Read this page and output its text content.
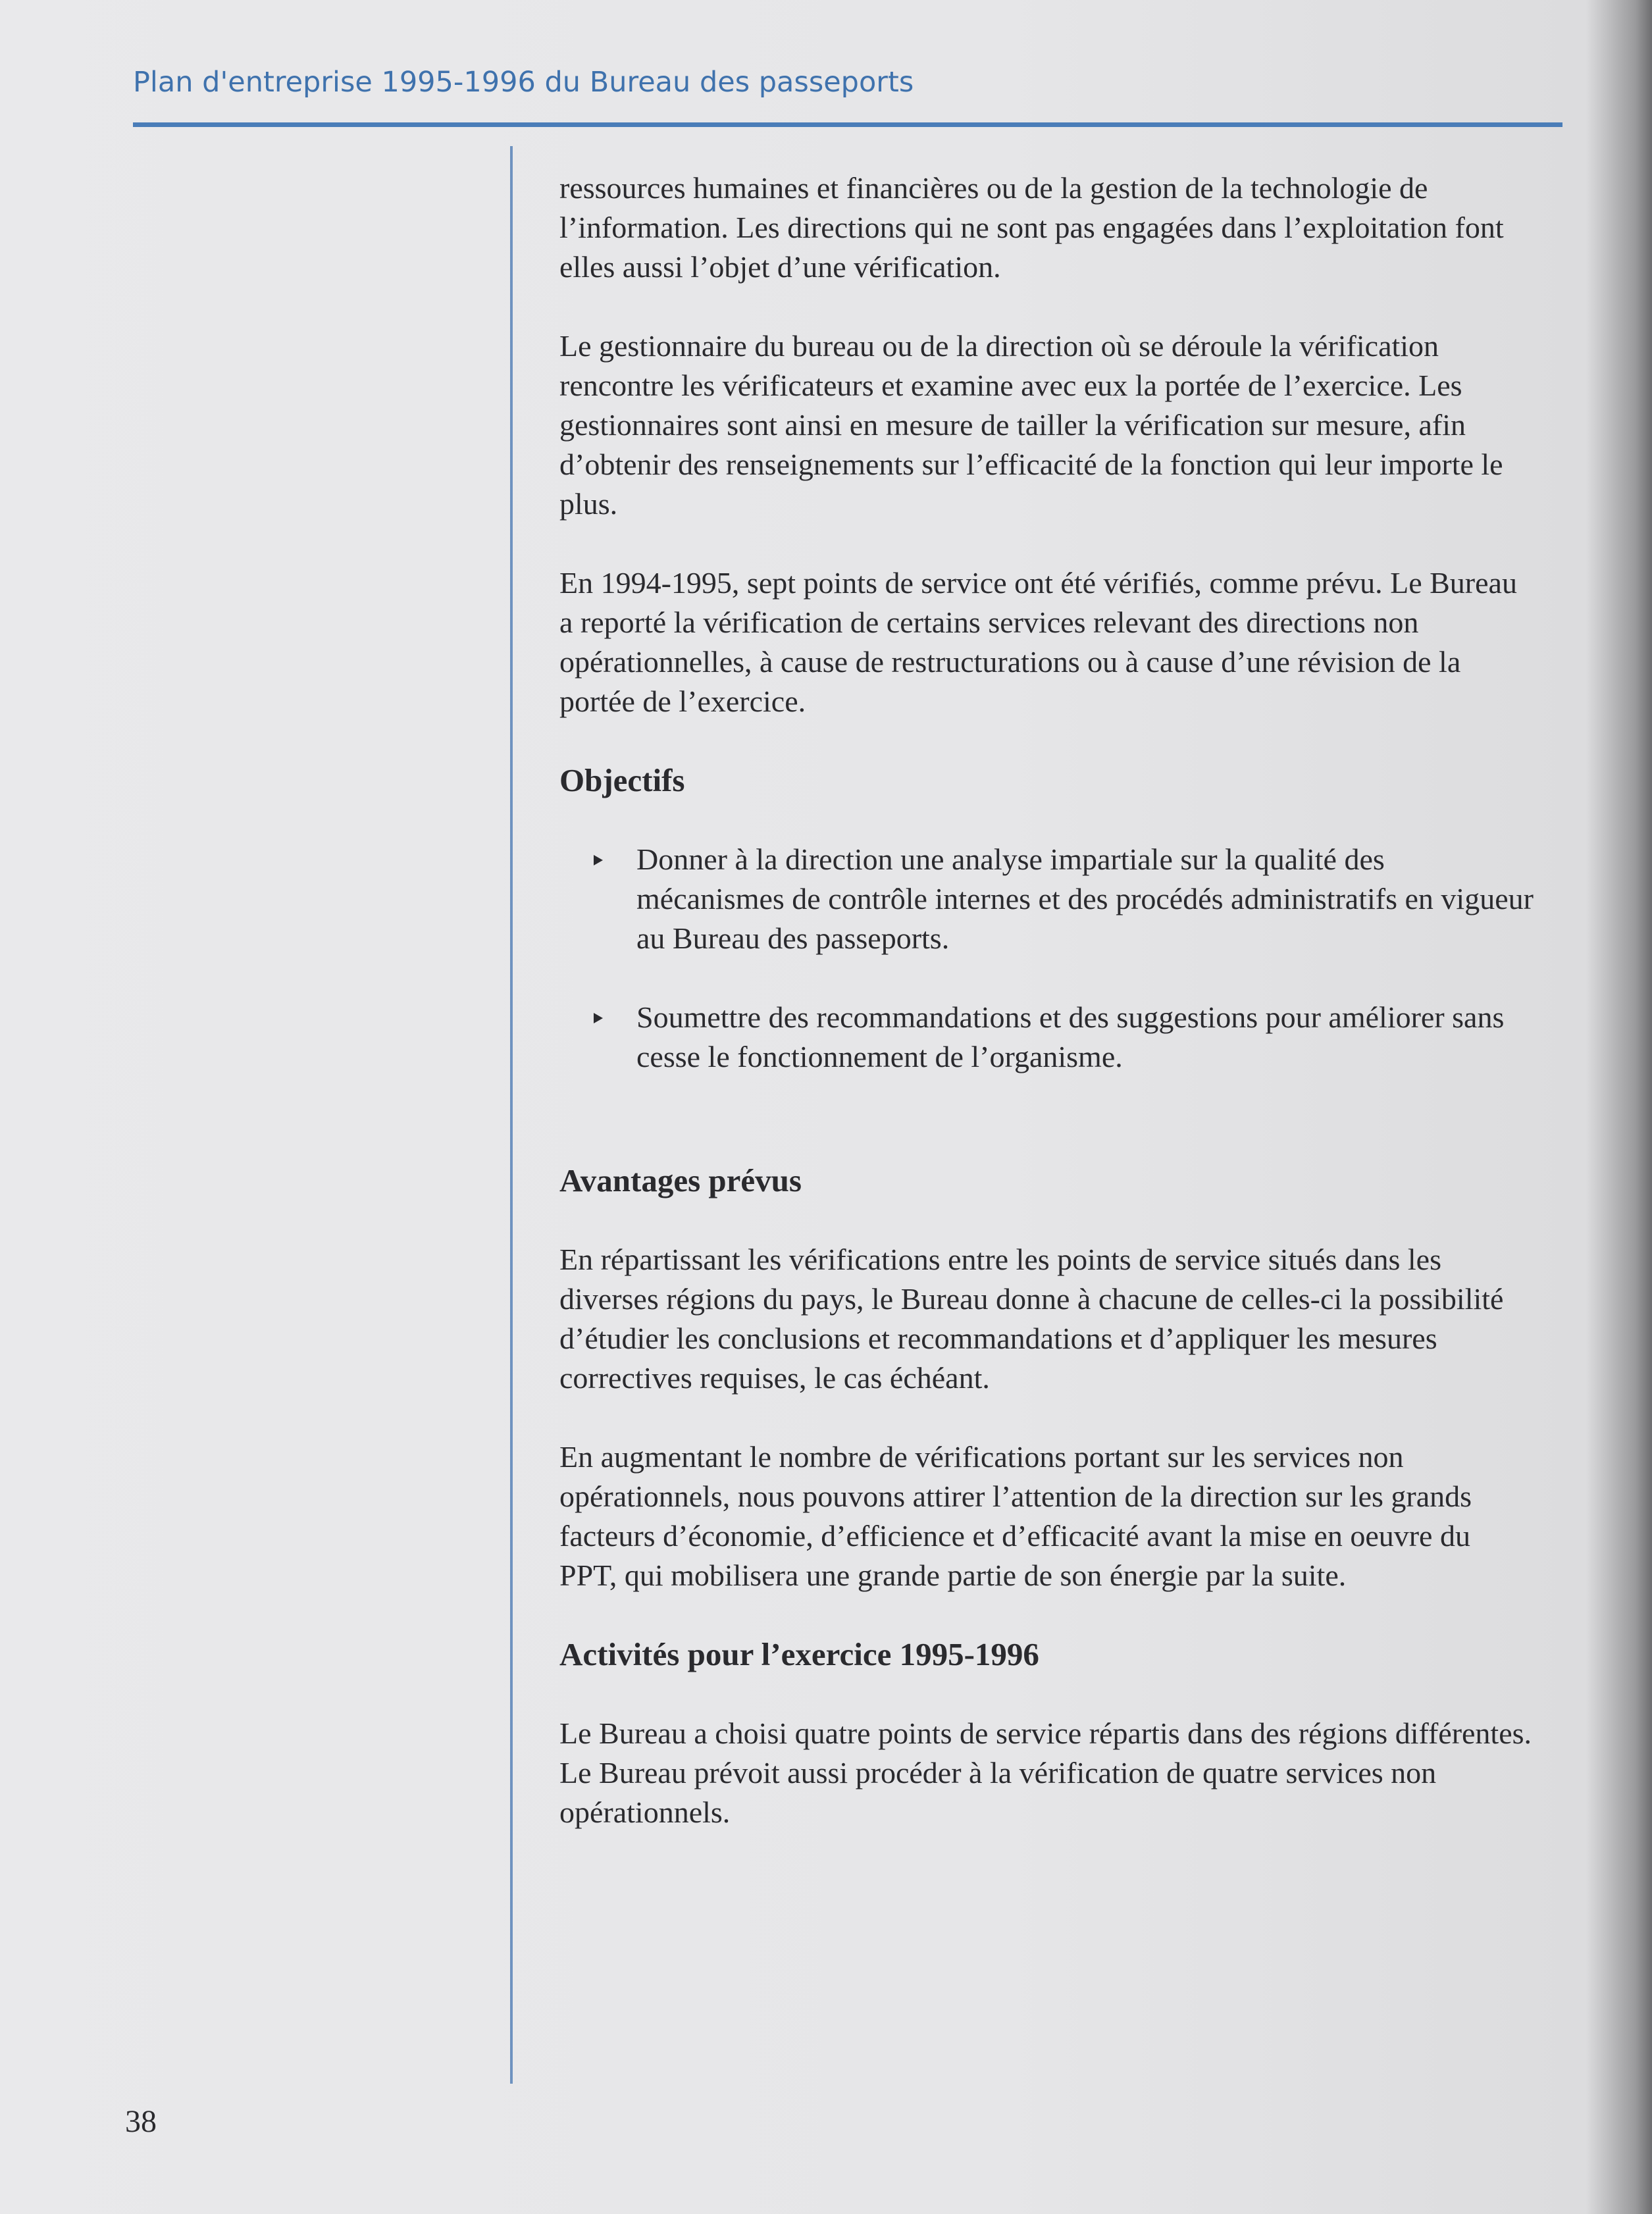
Plan d'entreprise 1995-1996 du Bureau des passeports

ressources humaines et financières ou de la gestion de la technologie de l’information. Les directions qui ne sont pas engagées dans l’exploitation font elles aussi l’objet d’une vérification.

Le gestionnaire du bureau ou de la direction où se déroule la vérification rencontre les vérificateurs et examine avec eux la portée de l’exercice. Les gestionnaires sont ainsi en mesure de tailler la vérification sur mesure, afin d’obtenir des renseignements sur l’efficacité de la fonction qui leur importe le plus.

En 1994-1995, sept points de service ont été vérifiés, comme prévu. Le Bureau a reporté la vérification de certains services relevant des directions non opérationnelles, à cause de restructurations ou à cause d’une révision de la portée de l’exercice.

Objectifs
Donner à la direction une analyse impartiale sur la qualité des mécanismes de contrôle internes et des procédés administratifs en vigueur au Bureau des passeports.
Soumettre des recommandations et des suggestions pour améliorer sans cesse le fonctionnement de l’organisme.
Avantages prévus

En répartissant les vérifications entre les points de service situés dans les diverses régions du pays, le Bureau donne à chacune de celles-ci la possibilité d’étudier les conclusions et recommandations et d’appliquer les mesures correctives requises, le cas échéant.

En augmentant le nombre de vérifications portant sur les services non opérationnels, nous pouvons attirer l’attention de la direction sur les grands facteurs d’économie, d’efficience et d’efficacité avant la mise en oeuvre du PPT, qui mobilisera une grande partie de son énergie par la suite.

Activités pour l’exercice 1995-1996

Le Bureau a choisi quatre points de service répartis dans des régions différentes. Le Bureau prévoit aussi procéder à la vérification de quatre services non opérationnels.

38
